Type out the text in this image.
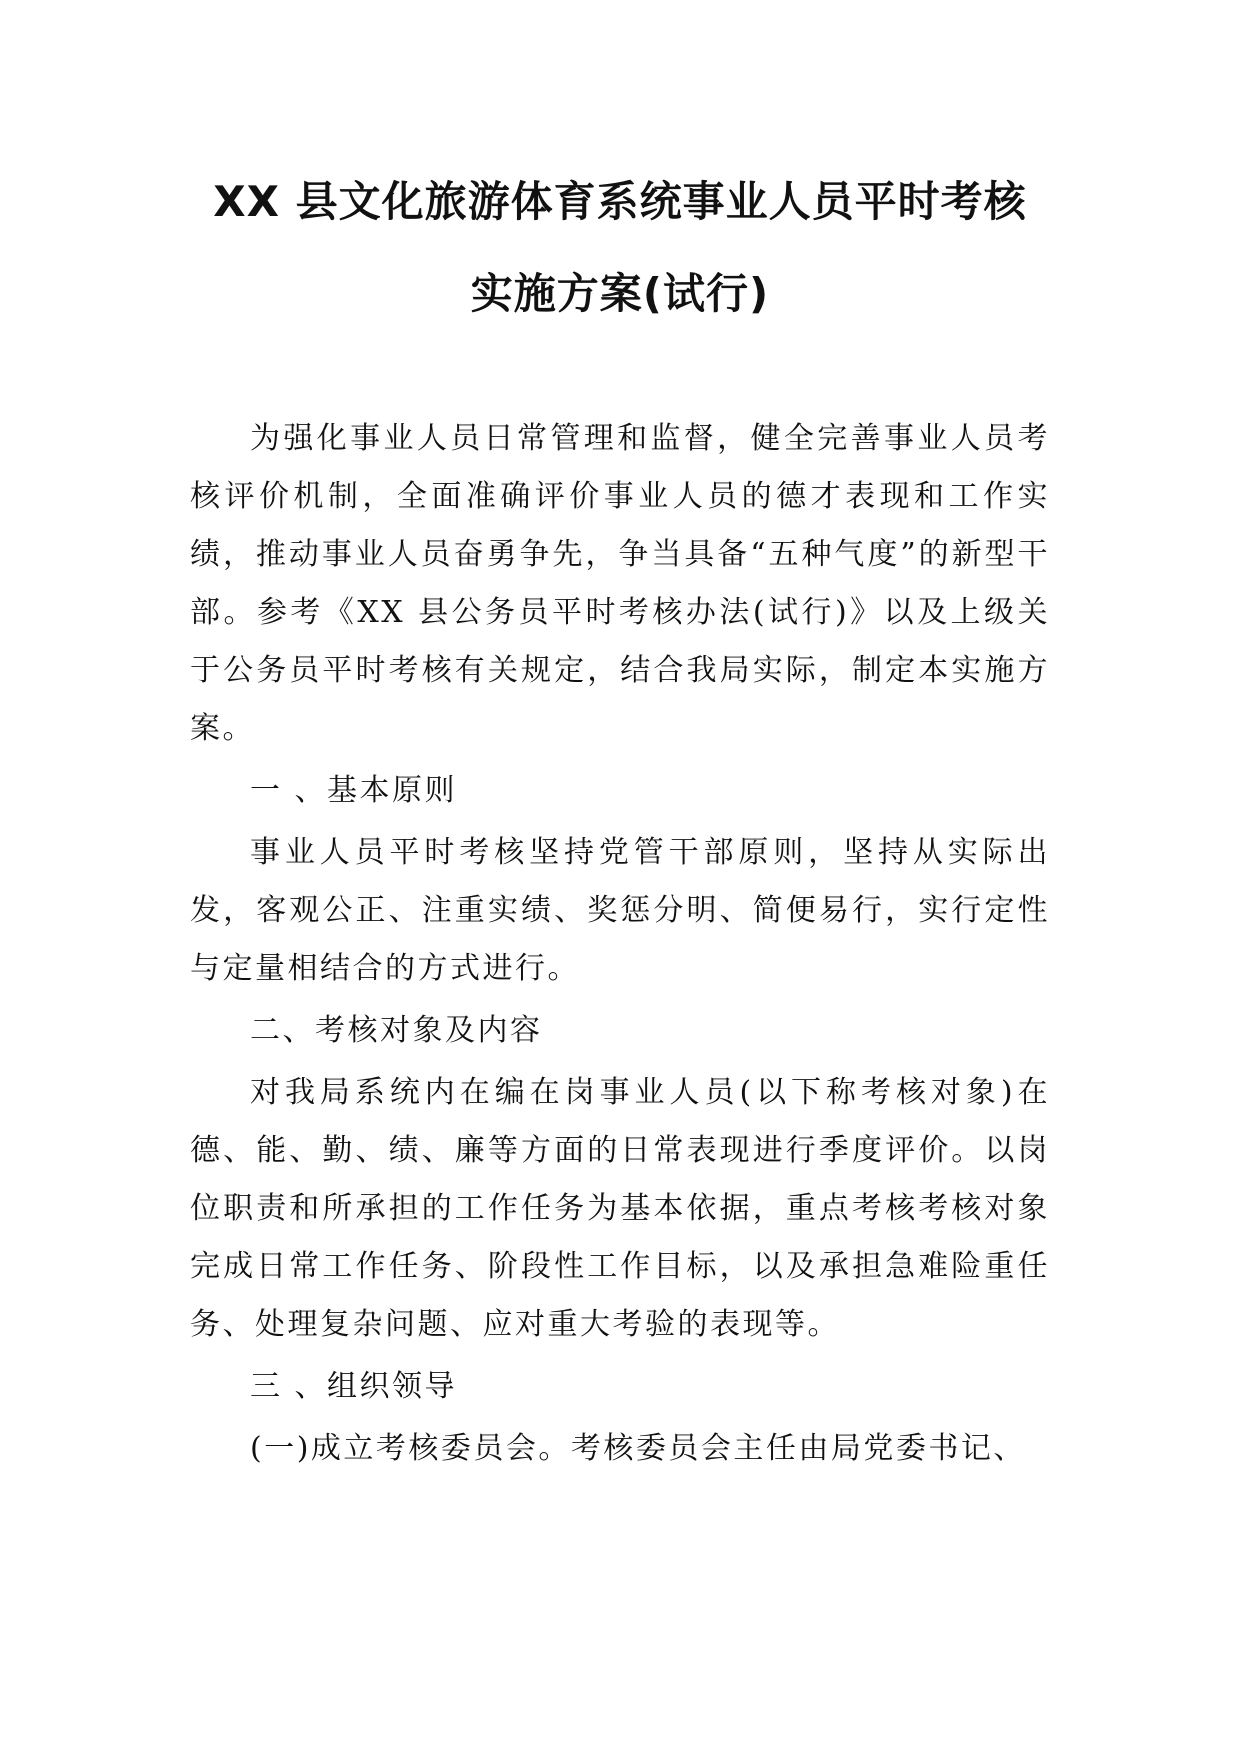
XX 县文化旅游体育系统事业人员平时考核
实施方案(试行)

为强化事业人员日常管理和监督，健全完善事业人员考核评价机制，全面准确评价事业人员的德才表现和工作实绩，推动事业人员奋勇争先，争当具备“五种气度”的新型干部。参考《XX 县公务员平时考核办法(试行)》以及上级关于公务员平时考核有关规定，结合我局实际，制定本实施方案。

一 、基本原则

事业人员平时考核坚持党管干部原则，坚持从实际出发，客观公正、注重实绩、奖惩分明、简便易行，实行定性与定量相结合的方式进行。

二、考核对象及内容

对我局系统内在编在岗事业人员(以下称考核对象)在德、能、勤、绩、廉等方面的日常表现进行季度评价。以岗位职责和所承担的工作任务为基本依据，重点考核考核对象完成日常工作任务、阶段性工作目标，以及承担急难险重任务、处理复杂问题、应对重大考验的表现等。

三 、组织领导

(一)成立考核委员会。考核委员会主任由局党委书记、
